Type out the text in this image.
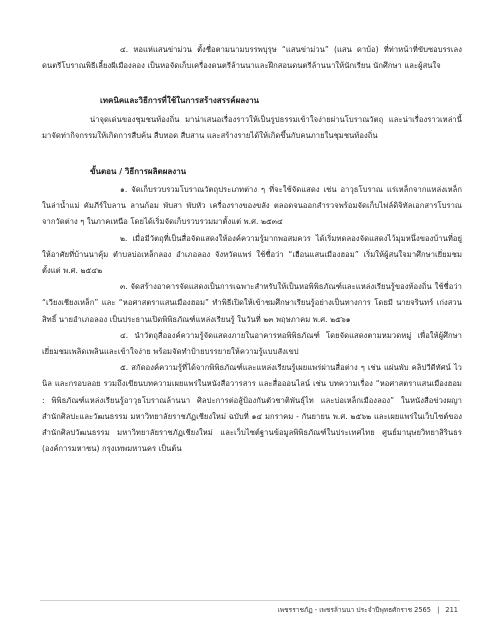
๔. หอแห่แสนข่าม่วน ตั้งชื่อตามนามบรรพบุรุษ “แสนข่าม่วน” (แสน ดาบ้อ) ที่ท่าหน้าที่ขับซอบรรเลงดนตรีโบราณพิธีเลี้ยงผีเมืองลอง เป็นหอจัดเก็บเครื่องดนตรีล้านนาและฝึกสอนดนตรีล้านนาให้นักเรียน นักศึกษา และผู้สนใจ

เทคนิคและวิธีการที่ใช้ในการสร้างสรรค์ผลงาน

น่าจุดเด่นของชุมชนท้องถิ่น มาน่าเสนอเรื่องราวให้เป็นรูปธรรมเข้าใจง่ายผ่านโบราณวัตถุ และน่าเรื่องราวเหล่านี้มาจัดท่ากิจกรรมให้เกิดการสืบค้น สืบทอด สืบสาน และสร้างรายได้ให้เกิดขึ้นกับคนภายในชุมชนท้องถิ่น

ขั้นตอน / วิธีการผลิตผลงาน

๑. จัดเก็บรวบรวมโบราณวัตถุประเภทต่าง ๆ ที่จะใช้จัดแสดง เช่น อาวุธโบราณ แร่เหล็กจากแหล่งเหล็กในล่าน้ำแม่ คัมภีร์ใบลาน ลานก้อม พับสา พับหัว เครื่องรางของขลัง ตลอดจนออกสำรวจพร้อมจัดเก็บไฟล์ดิจิทัลเอกสารโบราณจากวัดต่าง ๆ ในภาคเหนือ โดยได้เริ่มจัดเก็บรวบรวมมาตั้งแต่ พ.ศ. ๒๕๓๔

๒. เมื่อมีวัตถุที่เป็นสื่อจัดแสดงให้องค์ความรู้มากพอสมควร ได้เริ่มทดลองจัดแสดงไว้มุมหนึ่งของบ้านที่อยู่ให้อาศัยที่บ้านนาคุ้ม ตำบลบ่อเหล็กลอง อำเภอลอง จังหวัดแพร่ ใช้ชื่อว่า “เฮือนแสนเมืองฮอม” เริ่มให้ผู้สนใจมาศึกษาเยี่ยมชม ตั้งแต่ พ.ศ. ๒๕๔๒

๓. จัดสร้างอาคารจัดแสดงเป็นการเฉพาะสำหรับให้เป็นหอพิพิธภัณฑ์และแหล่งเรียนรู้ของท้องถิ่น ใช้ชื่อว่า “เวียงเชียงเหล็ก” และ “หอศาสตราแสนเมืองฮอม” ทำพิธีเปิดให้เข้าชมศึกษาเรียนรู้อย่างเป็นทางการ โดยมี นายจรินทร์ เก่งสวนสิทธิ์ นายอำเภอลอง เป็นประธานเปิดพิพิธภัณฑ์แหล่งเรียนรู้ ในวันที่ ๒๓ พฤษภาคม พ.ศ. ๒๕๖๑

๔. นำวัตถุสื่อองค์ความรู้จัดแสดงภายในอาคารหอพิพิธภัณฑ์ โดยจัดแสดงตามหมวดหมู่ เพื่อให้ผู้ศึกษาเยี่ยมชมเพลิดเพลินและเข้าใจง่าย พร้อมจัดทำป้ายบรรยายให้ความรู้แบบสังเขป

๕. สกัดองค์ความรู้ที่ได้จากพิพิธภัณฑ์และแหล่งเรียนรู้เผยแพร่ผ่านสื่อต่าง ๆ เช่น แผ่นพับ คลิปวีดีทัศน์ ไวนิล และกรอบลอย รวมถึงเขียนบทความเผยแพร่ในหนังสือวารสาร และสื่อออนไลน์ เช่น บทความเรื่อง “หอศาสตราแสนเมืองฮอม : พิพิธภัณฑ์แหล่งเรียนรู้อาวุธโบราณล้านนา ศิลปะการต่อสู้ป้องกันตัวชาติพันธุ์ไท และบ่อเหล็กเมืองลอง” ในหนังสือข่วงผญา สำนักศิลปะและวัฒนธรรม มหาวิทยาลัยราชภัฏเชียงใหม่ ฉบับที่ ๑๔ มกราคม - กันยายน พ.ศ. ๒๕๖๒ และเผยแพร่ในเว็บไซต์ของสำนักศิลปวัฒนธรรม มหาวิทยาลัยราชภัฏเชียงใหม่ และเว็บไซต์ฐานข้อมูลพิพิธภัณฑ์ในประเทศไทย ศูนย์มานุษยวิทยาสิรินธร (องค์การมหาชน) กรุงเทพมหานคร เป็นต้น

เพชรราชภัฏ - เพชรล้านนา ประจำปีพุทธศักราช 2565 | 211
